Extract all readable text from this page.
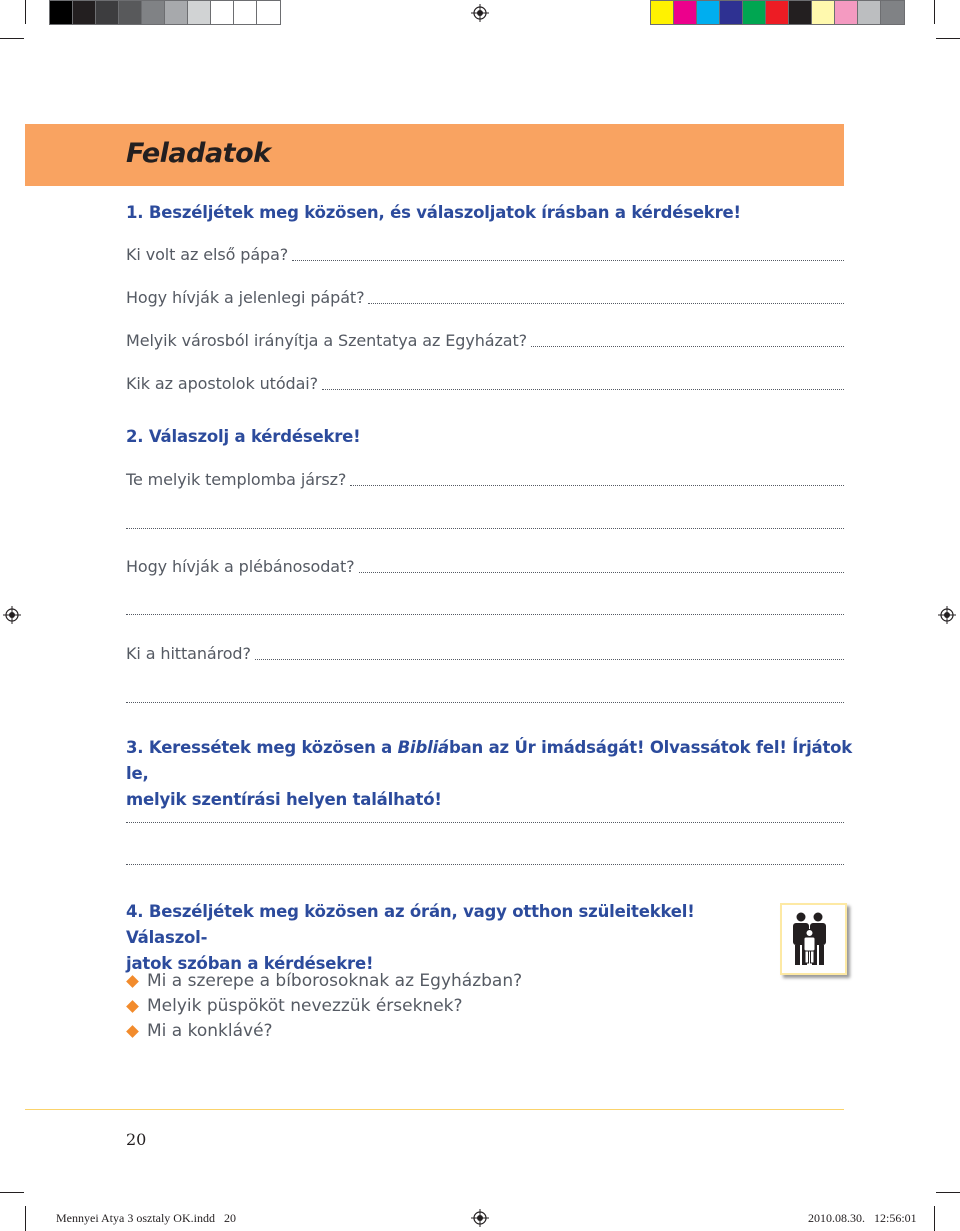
Feladatok
1. Beszéljétek meg közösen, és válaszoljatok írásban a kérdésekre!
Ki volt az első pápa?
Hogy hívják a jelenlegi pápát?
Melyik városból irányítja a Szentatya az Egyházat?
Kik az apostolok utódai?
2. Válaszolj a kérdésekre!
Te melyik templomba jársz?
Hogy hívják a plébánosodat?
Ki a hittanárod?
3. Keressétek meg közösen a Bibliában az Úr imádságát! Olvassátok fel! Írjátok le,
melyik szentírási helyen található!
4. Beszéljétek meg közösen az órán, vagy otthon szüleitekkel! Válaszol-
jatok szóban a kérdésekre!
Mi a szerepe a bíborosoknak az Egyházban?
Melyik püspököt nevezzük érseknek?
Mi a konklávé?
20
Mennyei Atya 3 osztaly OK.indd   20	2010.08.30.   12:56:01
